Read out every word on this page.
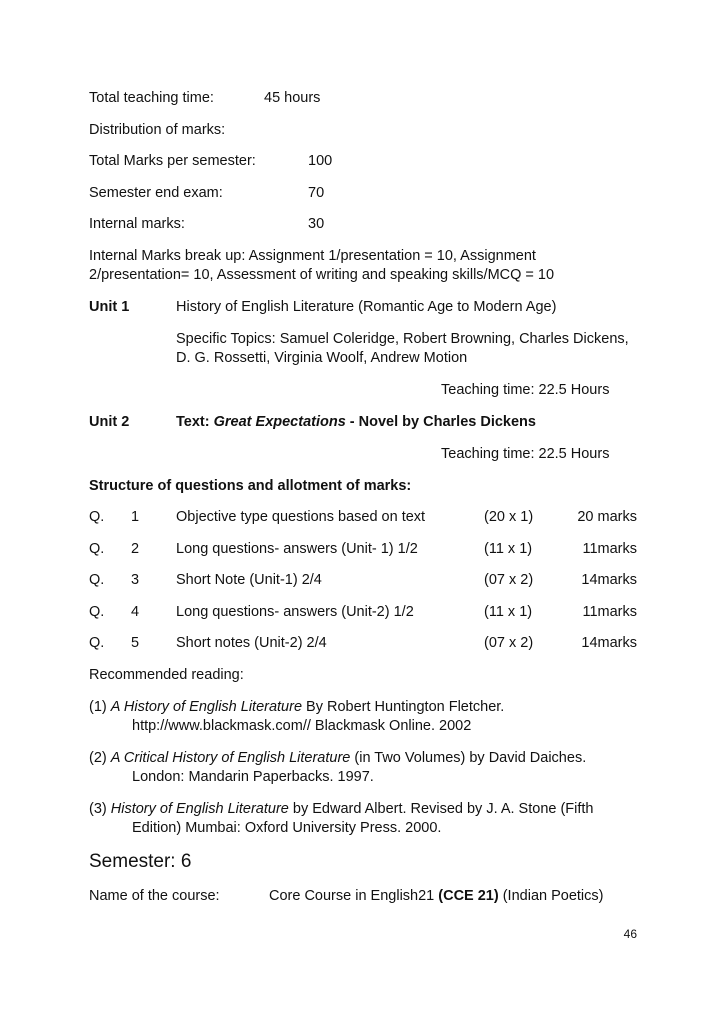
Total teaching time:	45 hours
Distribution of marks:
Total Marks per semester:	100
Semester end exam:	70
Internal marks:	30
Internal Marks break up: Assignment 1/presentation = 10, Assignment
2/presentation= 10, Assessment of writing and speaking skills/MCQ = 10
Unit 1	History of English Literature (Romantic Age to Modern Age)
Specific Topics: Samuel Coleridge, Robert Browning, Charles Dickens,
D. G. Rossetti, Virginia Woolf, Andrew Motion
Teaching time: 22.5 Hours
Unit 2	Text: Great Expectations - Novel by Charles Dickens
Teaching time: 22.5 Hours
Structure of questions and allotment of marks:
Q. 1	Objective type questions based on text	(20 x 1)	20 marks
Q. 2	Long questions- answers (Unit- 1) 1/2	(11 x 1)	11marks
Q. 3	Short Note (Unit-1) 2/4	(07 x 2)	14marks
Q. 4	Long questions- answers (Unit-2) 1/2	(11 x 1)	11marks
Q. 5	Short notes (Unit-2) 2/4	(07 x 2)	14marks
Recommended reading:
(1) A History of English Literature By Robert Huntington Fletcher.
http://www.blackmask.com// Blackmask Online. 2002
(2) A Critical History of English Literature (in Two Volumes) by David Daiches.
London: Mandarin Paperbacks. 1997.
(3) History of English Literature by Edward Albert. Revised by J. A. Stone (Fifth
Edition) Mumbai: Oxford University Press. 2000.
Semester: 6
Name of the course:	Core Course in English21 (CCE 21) (Indian Poetics)
46
